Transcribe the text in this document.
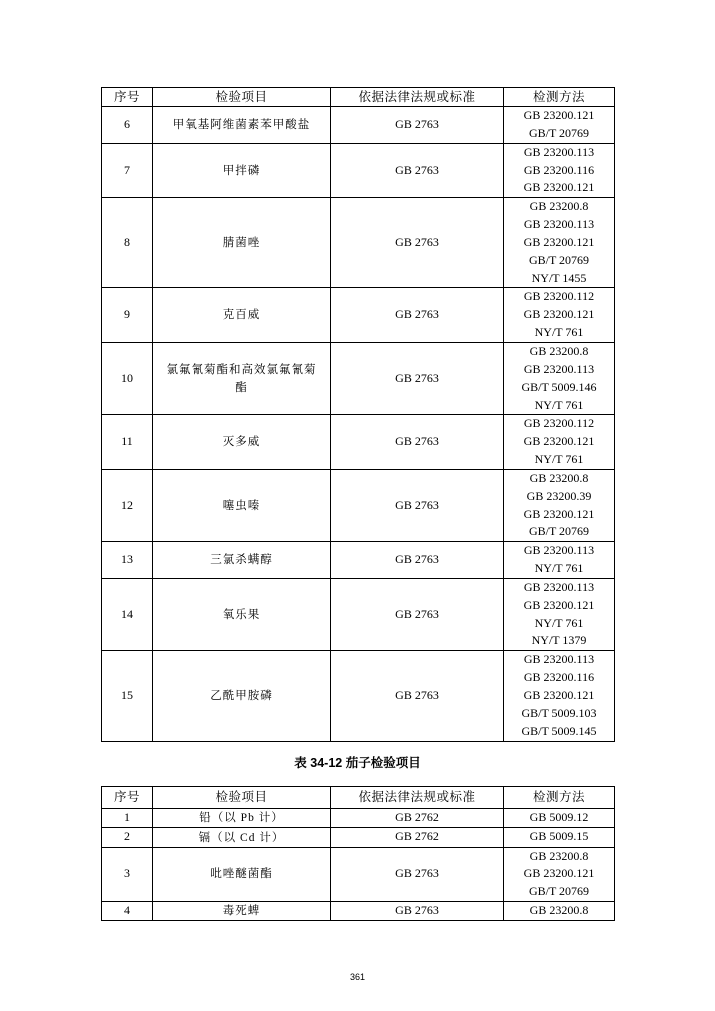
序号	检验项目	依据法律法规或标准	检测方法
6	甲氧基阿维菌素苯甲酸盐	GB 2763	GB 23200.121
GB/T 20769

7	甲拌磷	GB 2763	GB 23200.113
GB 23200.116
GB 23200.121

8	腈菌唑	GB 2763	GB 23200.8
GB 23200.113
GB 23200.121
GB/T 20769
NY/T 1455

9	克百威	GB 2763	GB 23200.112
GB 23200.121
NY/T 761

10	氯氟氰菊酯和高效氯氟氰菊酯	GB 2763	GB 23200.8
GB 23200.113
GB/T 5009.146
NY/T 761

11	灭多威	GB 2763	GB 23200.112
GB 23200.121
NY/T 761

12	噻虫嗪	GB 2763	GB 23200.8
GB 23200.39
GB 23200.121
GB/T 20769

13	三氯杀螨醇	GB 2763	GB 23200.113
NY/T 761

14	氧乐果	GB 2763	GB 23200.113
GB 23200.121
NY/T 761
NY/T 1379

15	乙酰甲胺磷	GB 2763	GB 23200.113
GB 23200.116
GB 23200.121
GB/T 5009.103
GB/T 5009.145
表 34-12 茄子检验项目
序号	检验项目	依据法律法规或标准	检测方法
1	铅（以 Pb 计）	GB 2762	GB 5009.12

2	镉（以 Cd 计）	GB 2762	GB 5009.15

3	吡唑醚菌酯	GB 2763	GB 23200.8
GB 23200.121
GB/T 20769

4	毒死蜱	GB 2763	GB 23200.8
361
